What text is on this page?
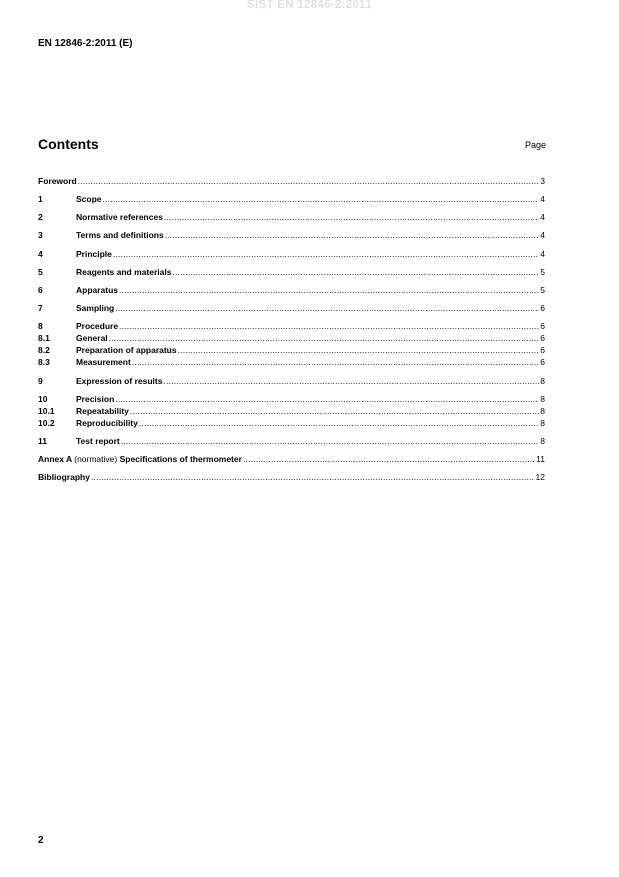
SIST EN 12846-2:2011
EN 12846-2:2011 (E)
Contents	Page
Foreword .....	3
1	Scope .....	4
2	Normative references .....	4
3	Terms and definitions .....	4
4	Principle .....	4
5	Reagents and materials .....	5
6	Apparatus .....	5
7	Sampling .....	6
8	Procedure .....	6
8.1	General .....	6
8.2	Preparation of apparatus .....	6
8.3	Measurement .....	6
9	Expression of results .....	8
10	Precision .....	8
10.1	Repeatability .....	8
10.2	Reproducibility .....	8
11	Test report .....	8
Annex A (normative) Specifications of thermometer .....	11
Bibliography .....	12
2
